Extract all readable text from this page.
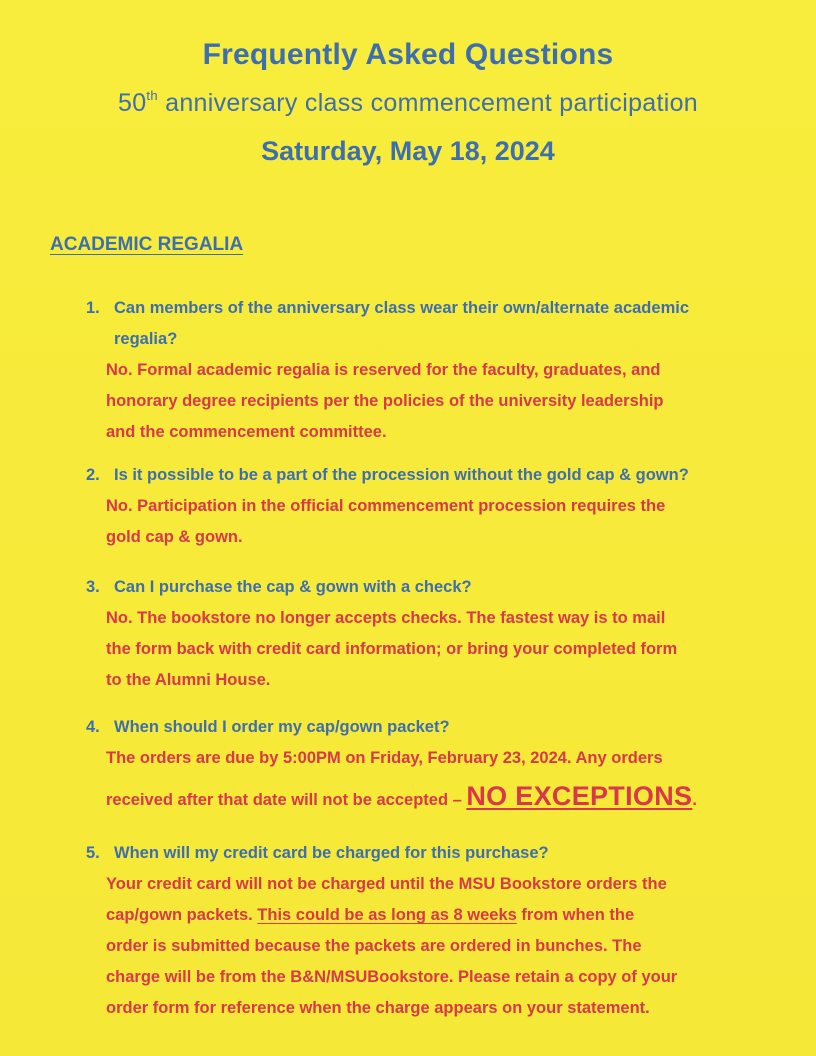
Frequently Asked Questions
50th anniversary class commencement participation
Saturday, May 18, 2024
ACADEMIC REGALIA
1. Can members of the anniversary class wear their own/alternate academic regalia?
No. Formal academic regalia is reserved for the faculty, graduates, and
honorary degree recipients per the policies of the university leadership
and the commencement committee.
2. Is it possible to be a part of the procession without the gold cap & gown?
No. Participation in the official commencement procession requires the
gold cap & gown.
3. Can I purchase the cap & gown with a check?
No. The bookstore no longer accepts checks. The fastest way is to mail
the form back with credit card information; or bring your completed form
to the Alumni House.
4. When should I order my cap/gown packet?
The orders are due by 5:00PM on Friday, February 23, 2024. Any orders
received after that date will not be accepted – NO EXCEPTIONS.
5. When will my credit card be charged for this purchase?
Your credit card will not be charged until the MSU Bookstore orders the
cap/gown packets. This could be as long as 8 weeks from when the
order is submitted because the packets are ordered in bunches. The
charge will be from the B&N/MSUBookstore. Please retain a copy of your
order form for reference when the charge appears on your statement.
